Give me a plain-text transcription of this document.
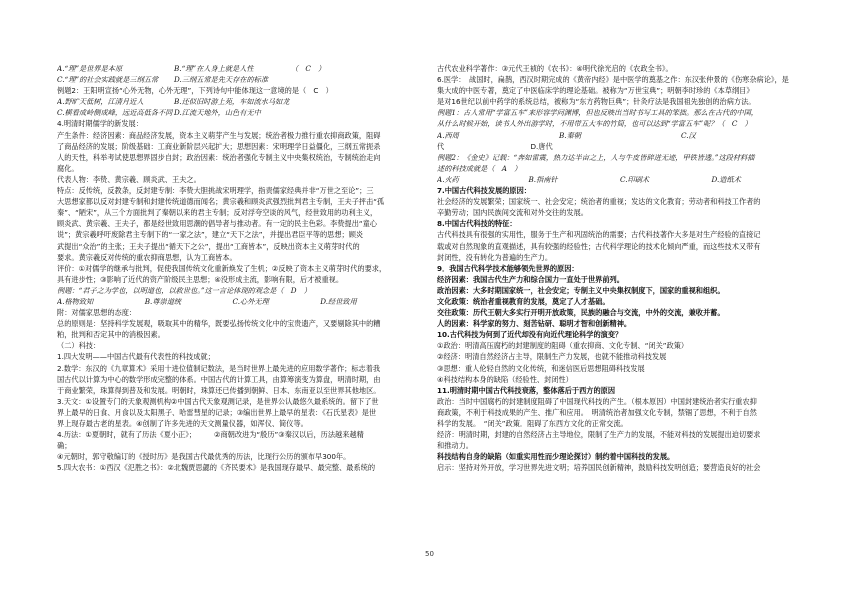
A.“理”是世界是本原	B.“理”在人身上就是人性	（　C　）
C.“理”的社会实践就是三纲五常	D.三纲五常是先天存在的标准
例题2：王阳明宣扬“心外无物，心外无理”，下列诗句中能体现这一意境的是（　C　）
A.野旷天低树，江清月近人	B.还似旧时游上苑，车如流水马如龙
C.横看成岭侧成峰，远近高低各不同 D.江流天地外，山色有无中
4.明清时期儒学的新发展：
产生条件：经济因素：商品经济发展，资本主义萌芽产生与发展；统治者极力推行重农抑商政策，阻碍
了商品经济的发展；阶级基础：工商业新阶层兴起扩大；思想因素：宋明理学日益僵化，三纲五常扼杀
人的天性，科举考试使思想界固步自封；政治因素：统治者强化专制主义中央集权统治，专制统治走向
腐化。
代表人物：李贽、黄宗羲、顾炎武、王夫之。
特点：反传统，反教条，反封建专制：李贽大胆挑战宋明理学，指责儒家经典并非“万世之至论”；三
大思想家都以反对封建专制和封建传统道德而闻名；黄宗羲和顾炎武强烈批判君主专制，王夫子抨击“孤
秦”、“陋宋”，从三个方面批判了秦朝以来的君主专制；反对浮夸空谈的风气，经世致用的功利主义，
顾炎武、黄宗羲、王夫子，都是经世致用思潮的倡导者与推动者。有一定的民主色彩。李贽提出“童心
说”；黄宗羲呼吁废除君主专制下的“一家之法”，建立“天下之法”，并提出君臣平等的思想；顾炎
武提出“众治”的主张；王夫子提出“循天下之公”，提出“工商皆本”，反映出资本主义萌芽时代的
要求。黄宗羲反对传统的重农抑商思想，认为工商皆本。
评价：①对儒学的继承与批判，促使我国传统文化重新焕发了生机；②反映了资本主义萌芽时代的要求，
具有进步性；③影响了近代的资产阶级民主思想；④没形成主流，影响有限，后才被重视。
例题：“君子之为学也，以明道也，以救世也。”这一言论体现的观念是（　D　）
A.格物致知	B.尊崇道统	C.心外无理	D.经世致用
附：对儒家思想的态度：
总的原则是：坚持科学发展观，吸取其中的精华，既要弘扬传统文化中的宝贵遗产，又要剔除其中的糟
粕，批判和否定其中的消极因素。
（二）科技：
1.四大发明——中国古代最有代表性的科技成就；
2.数学：东汉的《九章算术》采用十进位值制记数法，是当时世界上最先进的应用数学著作；标志着我
国古代以计算为中心的数学形成完整的体系。中国古代的计算工具，由算筹演变为算盘，明清时期，由
于商业繁荣，珠算得到普及和发展。明朝时，珠算还已传播到朝鲜、日本、东南亚以至世界其他地区。
3.天文：①设置专门的天象观测机构②中国古代天象观测记录，是世界公认最悠久最系统的。留下了世
界上最早的日食、月食以及太阳黑子、哈雷彗星的记录；③编出世界上最早的星表：《石氏星表》是世
界上现存最古老的星表。④创制了许多先进的天文测量仪器，如浑仪、简仪等。
4.历法：①夏朝时，就有了历法《夏小正》；　　　②商朝改进为“殷历”③秦汉以后，历法越来越精
确；
④元朝时，郭守敬编订的《授时历》是我国古代最优秀的历法，比现行公历的颁布早300年。
5.四大农书：①西汉《氾胜之书》：②北魏贾思勰的《齐民要术》是我国现存最早、最完整、最系统的
古代农业科学著作：③元代王祯的《农书》：④明代徐光启的《农政全书》。
6.医学：　战国时，扁鹊，西汉时期完成的《黄帝内经》是中医学的奠基之作：东汉张仲景的《伤寒杂病论》，是
集大成的中医专著，奠定了中医临床学的理论基础。被称为“万世宝典”；明朝李时珍的《本草纲目》
是对16世纪以前中药学的系统总结，被称为“东方药物巨典”；针灸疗法是我国祖先独创的治病方法。
例题1：古人常用“学富五车”来形容学问渊博，但也反映出当时书写工具的笨拙。那么在古代的中国，
从什么时候开始，读书人外出游学时，不用带五大车的竹简，也可以达到“学富五车”呢？（　C　）
A.西周	B.秦朝	C.汉
代　　　　　　　　　　　　D.唐代
例题2：《金史》记载：“奔如雷震，热力达半亩之上，人与牛皮皆碎迸无迹，甲铁皆透。”这段材料描
述的科技成就是（　A　）
A.火药	B.指南针	C.印刷术	D.造纸术
7.中国古代科技发展的原因：
社会经济的发展繁荣；国家统一、社会安定；统治者的重视；发达的文化教育；劳动者和科技工作者的
辛勤劳动；国内民族间交流和对外交往的发展。
8.中国古代科技的特征：
古代科技具有很强的实用性，服务于生产和巩固统治的需要；古代科技著作大多是对生产经验的直接记
载或对自然现象的直观描述，具有较强的经验性；古代科学理论的技术化倾向严重，而这些技术又带有
封闭性，没有转化为普遍的生产力。
9．我国古代科学技术能够领先世界的原因：
经济因素：我国古代生产力和综合国力一直处于世界前列。
政治因素：大多时期国家统一，社会安定；专制主义中央集权制度下，国家的重视和组织。
文化政策：统治者重视教育的发展，奠定了人才基础。
交往政策：历代王朝大多实行开明开放政策，民族的融合与交流，中外的交流，兼收并蓄。
人的因素：科学家的努力、刻苦钻研、聪明才智和创新精神。
10.古代科技为何到了近代却没有向近代理论科学的演变？
①政治：明清高压腐朽的封建制度的阻碍（重农抑商、文化专制、“闭关”政策）
②经济：明清自然经济占主导，限制生产力发展，也就不能推动科技发展
③思想：重人伦轻自然的文化传统，和迷信医后思想阻碍科技发展
④科技结构本身的缺陷（经验性、封闭性）
11.明清时期中国古代科技衰落，整体落后于西方的原因
政治：当时中国腐朽的封建制度阻碍了中国现代科技的产生。（根本原因）中国封建统治者实行重农抑
商政策，不利于科技成果的产生、推广和应用。　明清统治者加强文化专制，禁锢了思想，不利于自然
科学的发展。　“闭关”政策．阻碍了东西方文化的正常交流。
经济：明清时期，封建的自然经济占主导地位，限制了生产力的发展，不能对科技的发展提出迫切要求
和推动力。
科技结构自身的缺陷（如重实用性而少理论探讨）制约着中国科技的发展。
启示：坚持对外开放，学习世界先进文明；培养国民创新精神，鼓励科技发明创造；要营造良好的社会
50
